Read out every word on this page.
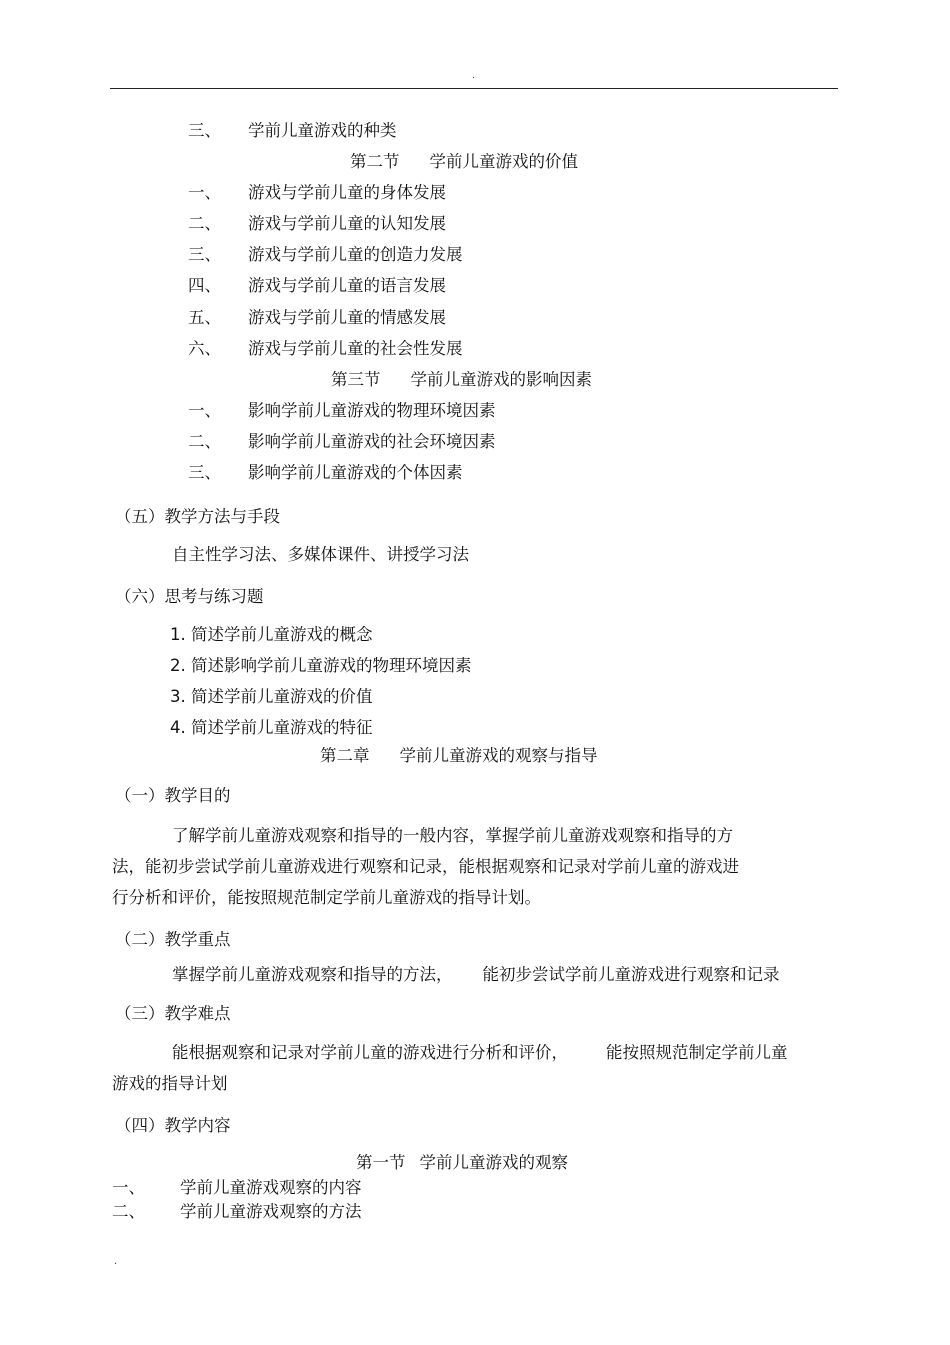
.
三、 学前儿童游戏的种类
第二节 学前儿童游戏的价值
一、 游戏与学前儿童的身体发展
二、 游戏与学前儿童的认知发展
三、 游戏与学前儿童的创造力发展
四、 游戏与学前儿童的语言发展
五、 游戏与学前儿童的情感发展
六、 游戏与学前儿童的社会性发展
第三节 学前儿童游戏的影响因素
一、 影响学前儿童游戏的物理环境因素
二、 影响学前儿童游戏的社会环境因素
三、 影响学前儿童游戏的个体因素
（五）教学方法与手段
自主性学习法、多媒体课件、讲授学习法
（六）思考与练习题
1. 简述学前儿童游戏的概念
2. 简述影响学前儿童游戏的物理环境因素
3. 简述学前儿童游戏的价值
4. 简述学前儿童游戏的特征
第二章 学前儿童游戏的观察与指导
（一）教学目的
了解学前儿童游戏观察和指导的一般内容，掌握学前儿童游戏观察和指导的方
法，能初步尝试学前儿童游戏进行观察和记录，能根据观察和记录对学前儿童的游戏进
行分析和评价，能按照规范制定学前儿童游戏的指导计划。
（二）教学重点
掌握学前儿童游戏观察和指导的方法， 能初步尝试学前儿童游戏进行观察和记录
（三）教学难点
能根据观察和记录对学前儿童的游戏进行分析和评价， 能按照规范制定学前儿童
游戏的指导计划
（四）教学内容
第一节 学前儿童游戏的观察
一、 学前儿童游戏观察的内容
二、 学前儿童游戏观察的方法
.
